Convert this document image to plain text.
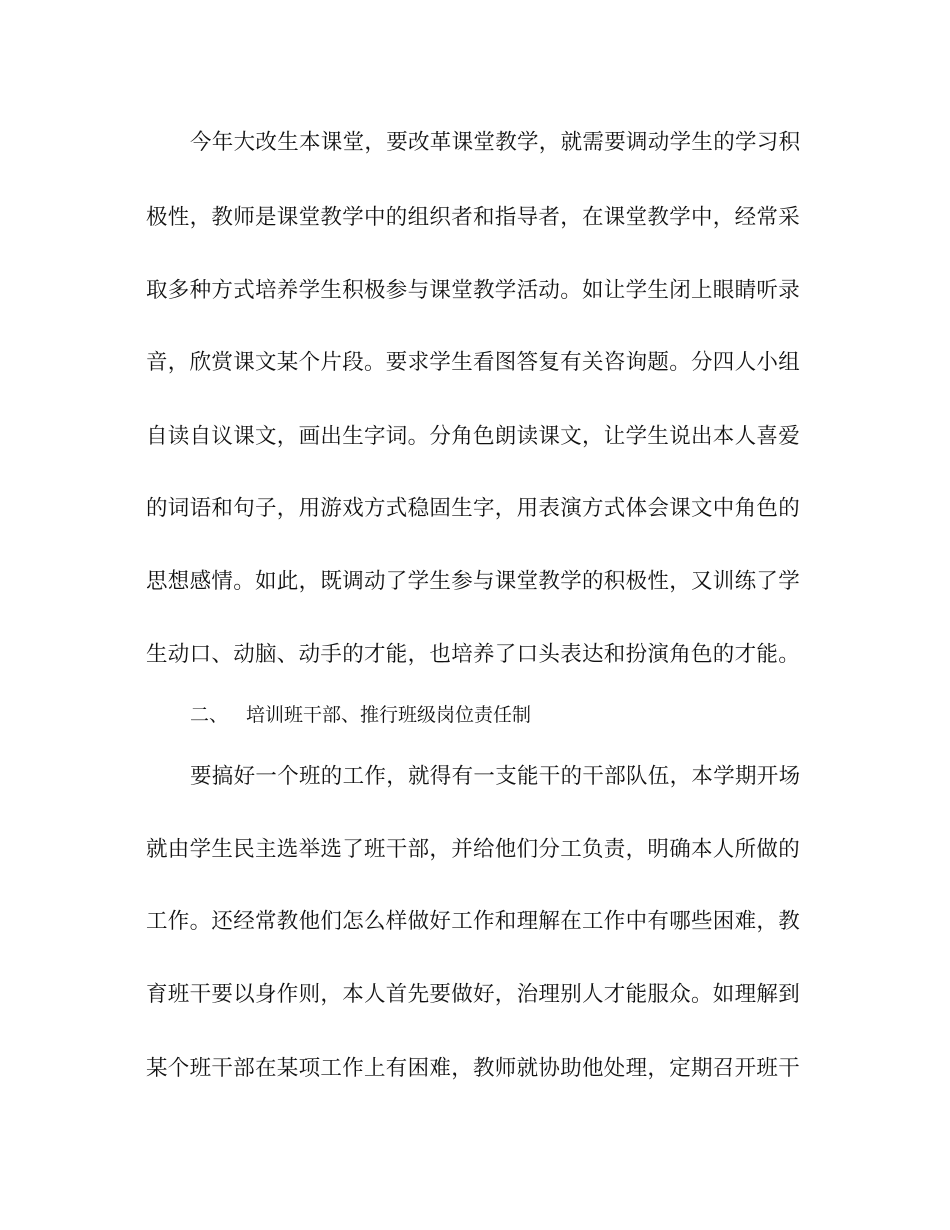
今年大改生本课堂，要改革课堂教学，就需要调动学生的学习积
极性，教师是课堂教学中的组织者和指导者，在课堂教学中，经常采
取多种方式培养学生积极参与课堂教学活动。如让学生闭上眼睛听录
音，欣赏课文某个片段。要求学生看图答复有关咨询题。分四人小组
自读自议课文，画出生字词。分角色朗读课文，让学生说出本人喜爱
的词语和句子，用游戏方式稳固生字，用表演方式体会课文中角色的
思想感情。如此，既调动了学生参与课堂教学的积极性，又训练了学
生动口、动脑、动手的才能，也培养了口头表达和扮演角色的才能。
二、 培训班干部、推行班级岗位责任制
要搞好一个班的工作，就得有一支能干的干部队伍，本学期开场
就由学生民主选举选了班干部，并给他们分工负责，明确本人所做的
工作。还经常教他们怎么样做好工作和理解在工作中有哪些困难，教
育班干要以身作则，本人首先要做好，治理别人才能服众。如理解到
某个班干部在某项工作上有困难，教师就协助他处理，定期召开班干
